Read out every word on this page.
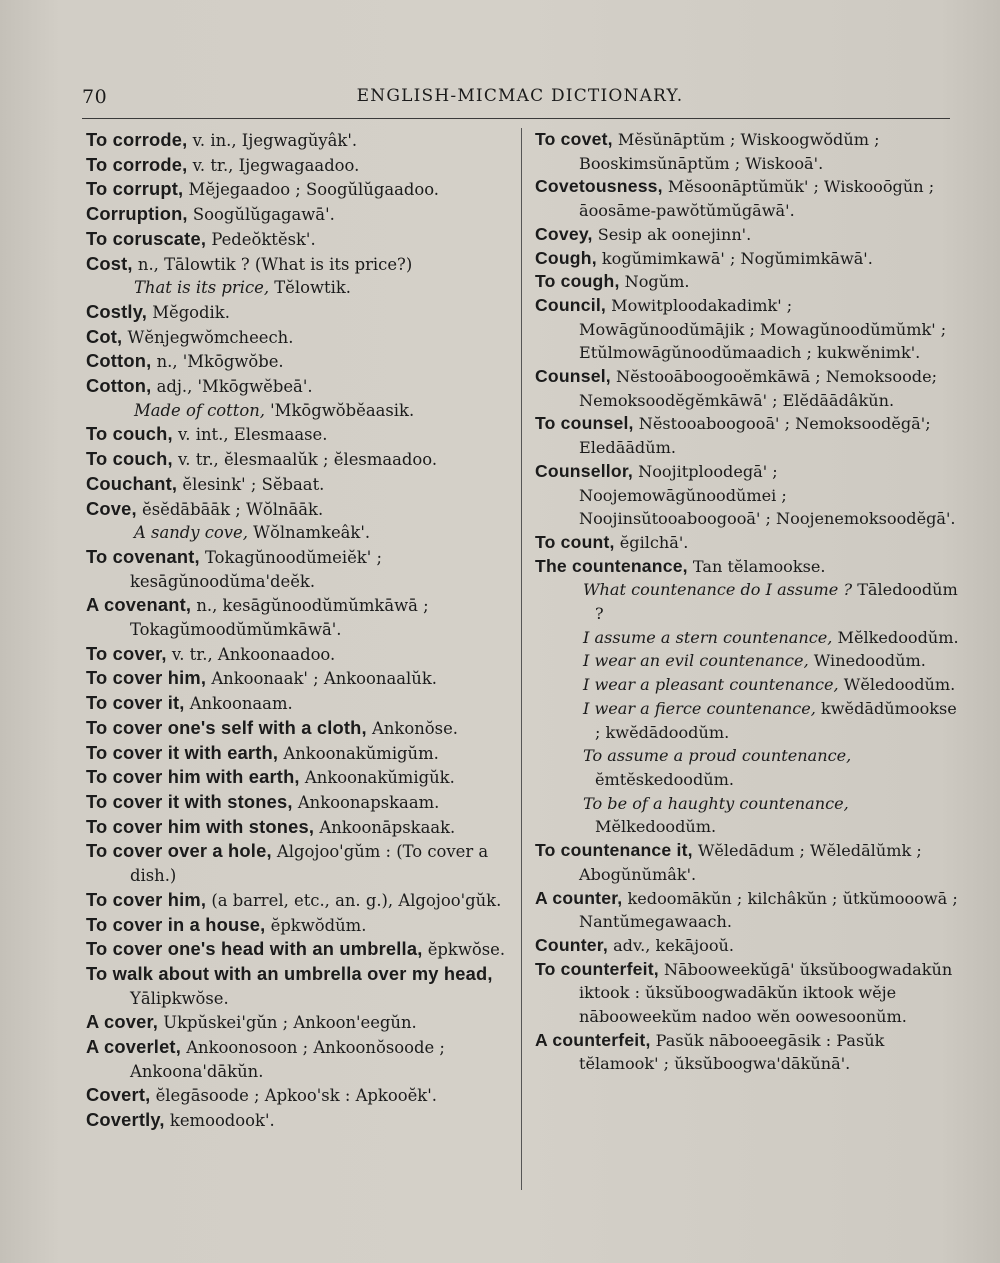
70	ENGLISH-MICMAC DICTIONARY.

To corrode, v. in., Ijegwagŭyâk'.

To corrode, v. tr., Ijegwagaadoo.

To corrupt, Mĕjegaadoo ; Soogŭlŭgaadoo.

Corruption, Soogŭlŭgagawā'.

To coruscate, Pedeŏktĕsk'.

Cost, n., Tālowtik ? (What is its price?)

That is its price, Tĕlowtik.

Costly, Mĕgodik.

Cot, Wĕnjegwŏmcheech.

Cotton, n., 'Mkōgwŏbe.

Cotton, adj., 'Mkōgwĕbeā'.

Made of cotton, 'Mkōgwŏbĕaasik.

To couch, v. int., Elesmaase.

To couch, v. tr., ĕlesmaalŭk ; ĕlesmaadoo.

Couchant, ĕlesink' ; Sĕbaat.

Cove, ĕsĕdābāāk ; Wŏlnāāk.

A sandy cove, Wŏlnamkeâk'.

To covenant, Tokagŭnoodŭmeiĕk' ; kesāgŭnoodŭma'deĕk.

A covenant, n., kesāgŭnoodŭmŭmkāwā ; Tokagŭmoodŭmŭmkāwā'.

To cover, v. tr., Ankoonaadoo.

To cover him, Ankoonaak' ; Ankoonaalŭk.

To cover it, Ankoonaam.

To cover one's self with a cloth, Ankonŏse.

To cover it with earth, Ankoonakŭmigŭm.

To cover him with earth, Ankoonakŭmigŭk.

To cover it with stones, Ankoonapskaam.

To cover him with stones, Ankoonāpskaak.

To cover over a hole, Algojoo'gŭm : (To cover a dish.)

To cover him, (a barrel, etc., an. g.), Algojoo'gŭk.

To cover in a house, ĕpkwŏdŭm.

To cover one's head with an umbrella, ĕpkwŏse.

To walk about with an umbrella over my head, Yālipkwŏse.

A cover, Ukpŭskei'gŭn ; Ankoon'eegŭn.

A coverlet, Ankoonosoon ; Ankoonŏsoode ; Ankoona'dākŭn.

Covert, ĕlegāsoode ; Apkoo'sk : Apkooĕk'.

Covertly, kemoodook'.

To covet, Mĕsŭnāptŭm ; Wiskoogwŏdŭm ; Booskimsŭnāptŭm ; Wiskooā'.

Covetousness, Mĕsoonāptŭmŭk' ; Wiskooōgŭn ; āoosāme-pawŏtŭmŭgāwā'.

Covey, Sesip ak oonejinn'.

Cough, kogŭmimkawā' ; Nogŭmimkāwā'.

To cough, Nogŭm.

Council, Mowitploodakadimk' ; Mowāgŭnoodŭmājik ; Mowagŭnoodŭmŭmk' ; Etŭlmowāgŭnoodŭmaadich ; kukwĕnimk'.

Counsel, Nĕstooāboogooĕmkāwā ; Nemoksoode; Nemoksoodĕgĕmkāwā' ; Elĕdāādâkŭn.

To counsel, Nĕstooaboogooā' ; Nemoksoodĕgā'; Eledāādŭm.

Counsellor, Noojitploodegā' ; Noojemowāgŭnoodŭmei ; Noojinsŭtooaboogooā' ; Noojenemoksoodĕgā'.

To count, ĕgilchā'.

The countenance, Tan tĕlamookse.

What countenance do I assume ? Tāledoodŭm ?

I assume a stern countenance, Mĕlkedoodŭm.

I wear an evil countenance, Winedoodŭm.

I wear a pleasant countenance, Wĕledoodŭm.

I wear a fierce countenance, kwĕdādŭmookse ; kwĕdādoodŭm.

To assume a proud countenance, ĕmtĕskedoodŭm.

To be of a haughty countenance, Mĕlkedoodŭm.

To countenance it, Wĕledādum ; Wĕledālŭmk ; Abogŭnŭmâk'.

A counter, kedoomākŭn ; kilchâkŭn ; ŭtkŭmooowā ; Nantŭmegawaach.

Counter, adv., kekājooŭ.

To counterfeit, Nābooweekŭgā' ŭksŭboogwadakŭn iktook : ŭksŭboogwadākŭn iktook wĕje nābooweekŭm nadoo wĕn oowesoonŭm.

A counterfeit, Pasŭk nābooeegāsik : Pasŭk tĕlamook' ; ŭksŭboogwa'dākŭnā'.
